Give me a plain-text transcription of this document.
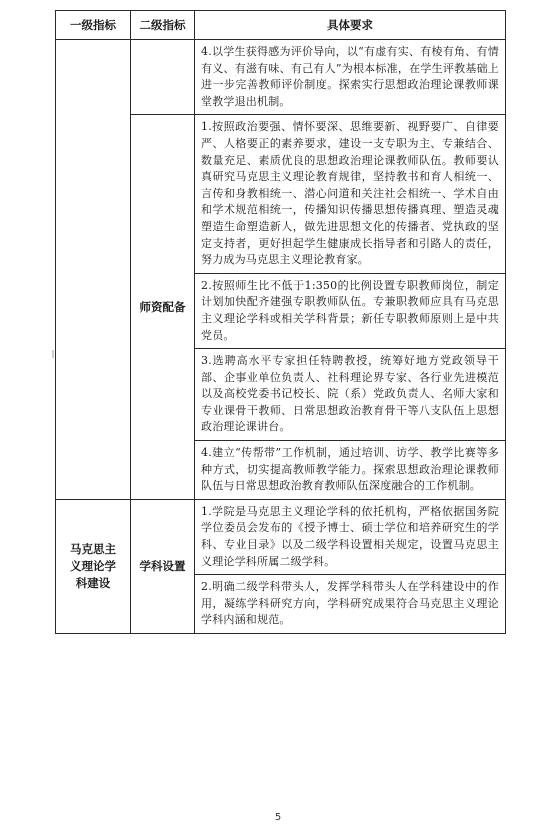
一级指标	二级指标	具体要求

		4.以学生获得感为评价导向，以“有虚有实、有棱有角、有情有义、有滋有味、有己有人”为根本标准，在学生评教基础上进一步完善教师评价制度。探索实行思想政治理论课教师课堂教学退出机制。

	师资配备	1.按照政治要强、情怀要深、思维要新、视野要广、自律要严、人格要正的素养要求，建设一支专职为主、专兼结合、数量充足、素质优良的思想政治理论课教师队伍。教师要认真研究马克思主义理论教育规律，坚持教书和育人相统一、言传和身教相统一、潜心问道和关注社会相统一、学术自由和学术规范相统一，传播知识传播思想传播真理、塑造灵魂塑造生命塑造新人，做先进思想文化的传播者、党执政的坚定支持者，更好担起学生健康成长指导者和引路人的责任，努力成为马克思主义理论教育家。

		2.按照师生比不低于1:350的比例设置专职教师岗位，制定计划加快配齐建强专职教师队伍。专兼职教师应具有马克思主义理论学科或相关学科背景；新任专职教师原则上是中共党员。

		3.选聘高水平专家担任特聘教授，统筹好地方党政领导干部、企事业单位负责人、社科理论界专家、各行业先进模范以及高校党委书记校长、院（系）党政负责人、名师大家和专业课骨干教师、日常思想政治教育骨干等八支队伍上思想政治理论课讲台。

		4.建立“传帮带”工作机制，通过培训、访学、教学比赛等多种方式，切实提高教师教学能力。探索思想政治理论课教师队伍与日常思想政治教育教师队伍深度融合的工作机制。

马克思主
义理论学
科建设	学科设置	1.学院是马克思主义理论学科的依托机构，严格依据国务院学位委员会发布的《授予博士、硕士学位和培养研究生的学科、专业目录》以及二级学科设置相关规定，设置马克思主义理论学科所属二级学科。

		2.明确二级学科带头人，发挥学科带头人在学科建设中的作用，凝练学科研究方向，学科研究成果符合马克思主义理论学科内涵和规范。
5
